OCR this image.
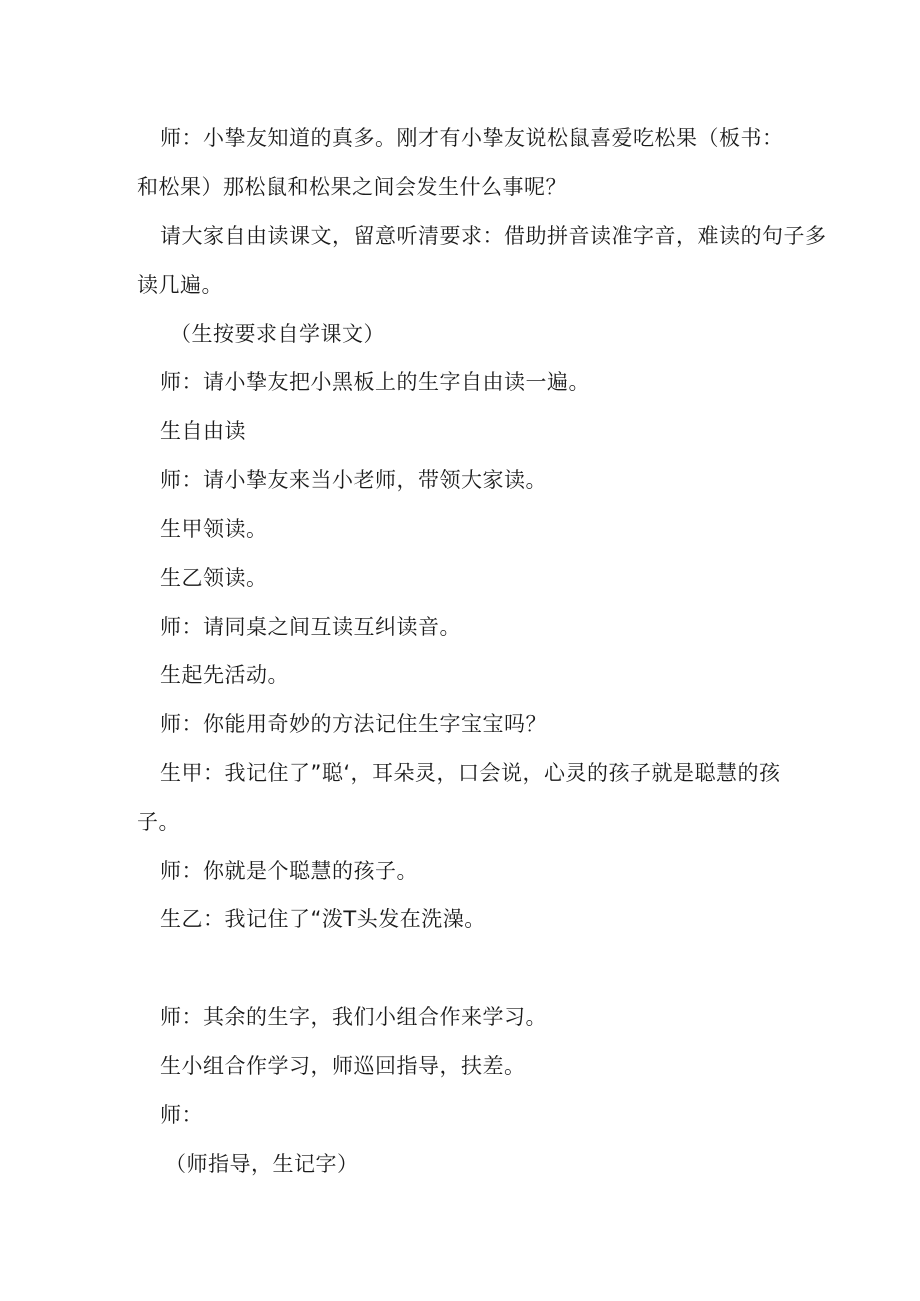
师：小挚友知道的真多。刚才有小挚友说松鼠喜爱吃松果（板书：
和松果）那松鼠和松果之间会发生什么事呢？
请大家自由读课文，留意听清要求：借助拼音读准字音，难读的句子多
读几遍。
（生按要求自学课文）
师：请小挚友把小黑板上的生字自由读一遍。
生自由读
师：请小挚友来当小老师，带领大家读。
生甲领读。
生乙领读。
师：请同桌之间互读互纠读音。
生起先活动。
师：你能用奇妙的方法记住生字宝宝吗？
生甲：我记住了”聪‘，耳朵灵，口会说，心灵的孩子就是聪慧的孩
子。
师：你就是个聪慧的孩子。
生乙：我记住了“泼T头发在洗澡。
师：其余的生字，我们小组合作来学习。
生小组合作学习，师巡回指导，扶差。
师：
（师指导，生记字）
